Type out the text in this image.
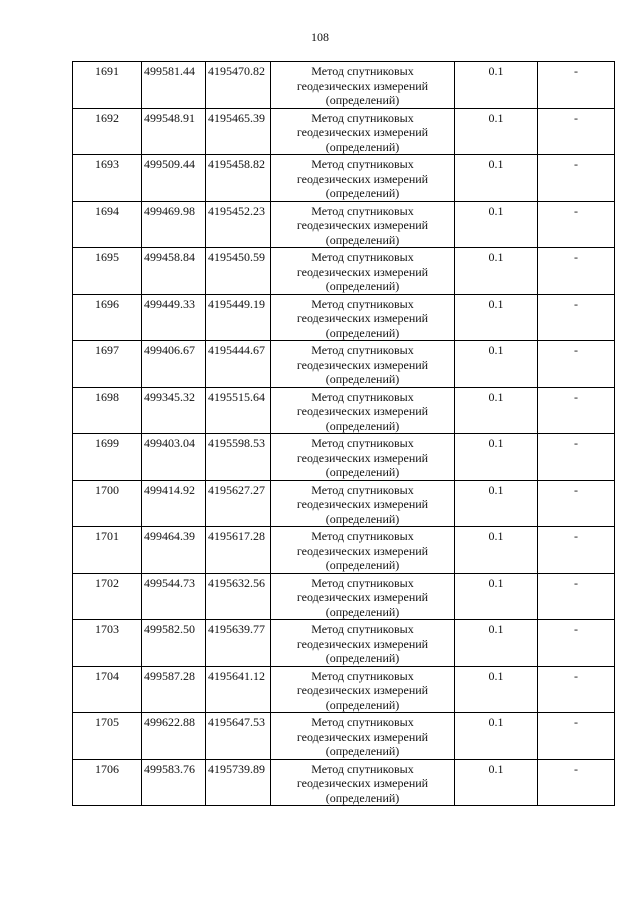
108
1691	499581.44	4195470.82	Метод спутниковых геодезических измерений (определений)	0.1	-
1692	499548.91	4195465.39	Метод спутниковых геодезических измерений (определений)	0.1	-
1693	499509.44	4195458.82	Метод спутниковых геодезических измерений (определений)	0.1	-
1694	499469.98	4195452.23	Метод спутниковых геодезических измерений (определений)	0.1	-
1695	499458.84	4195450.59	Метод спутниковых геодезических измерений (определений)	0.1	-
1696	499449.33	4195449.19	Метод спутниковых геодезических измерений (определений)	0.1	-
1697	499406.67	4195444.67	Метод спутниковых геодезических измерений (определений)	0.1	-
1698	499345.32	4195515.64	Метод спутниковых геодезических измерений (определений)	0.1	-
1699	499403.04	4195598.53	Метод спутниковых геодезических измерений (определений)	0.1	-
1700	499414.92	4195627.27	Метод спутниковых геодезических измерений (определений)	0.1	-
1701	499464.39	4195617.28	Метод спутниковых геодезических измерений (определений)	0.1	-
1702	499544.73	4195632.56	Метод спутниковых геодезических измерений (определений)	0.1	-
1703	499582.50	4195639.77	Метод спутниковых геодезических измерений (определений)	0.1	-
1704	499587.28	4195641.12	Метод спутниковых геодезических измерений (определений)	0.1	-
1705	499622.88	4195647.53	Метод спутниковых геодезических измерений (определений)	0.1	-
1706	499583.76	4195739.89	Метод спутниковых геодезических измерений (определений)	0.1	-
